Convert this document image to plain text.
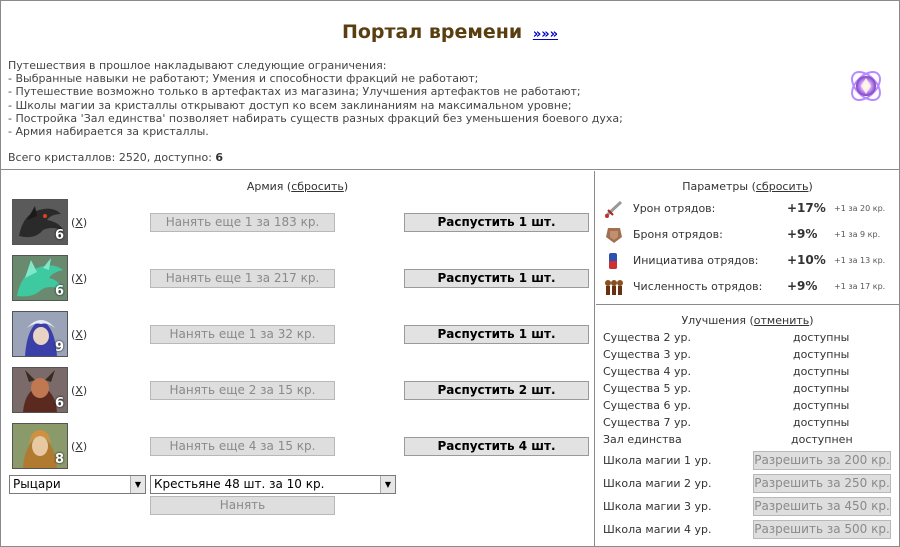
Портал времени »»»
Путешествия в прошлое накладывают следующие ограничения:
- Выбранные навыки не работают; Умения и способности фракций не работают;
- Путешествие возможно только в артефактах из магазина; Улучшения артефактов не работают;
- Школы магии за кристаллы открывают доступ ко всем заклинаниям на максимальном уровне;
- Постройка 'Зал единства' позволяет набирать существ разных фракций без уменьшения боевого духа;
- Армия набирается за кристаллы.
Всего кристаллов: 2520, доступно: 6
Армия (сбросить)
6
(X)	Нанять еще 1 за 183 кр.	Распустить 1 шт.
6
(X)	Нанять еще 1 за 217 кр.	Распустить 1 шт.
9
(X)	Нанять еще 1 за 32 кр.	Распустить 1 шт.
6
(X)	Нанять еще 2 за 15 кр.	Распустить 2 шт.
8
(X)	Нанять еще 4 за 15 кр.	Распустить 4 шт.
Рыцари	▼	Крестьяне 48 шт. за 10 кр.	▼
Нанять
Параметры (сбросить)
Урон отрядов:	+17% +1 за 20 кр.
Броня отрядов:	+9% +1 за 9 кр.
Инициатива отрядов: +10% +1 за 13 кр.
Численность отрядов: +9% +1 за 17 кр.
Улучшения (отменить)
Существа 2 ур.	доступны
Существа 3 ур.	доступны
Существа 4 ур.	доступны
Существа 5 ур.	доступны
Существа 6 ур.	доступны
Существа 7 ур.	доступны
Зал единства	доступнен
Школа магии 1 ур.	Разрешить за 200 кр.
Школа магии 2 ур.	Разрешить за 250 кр.
Школа магии 3 ур.	Разрешить за 450 кр.
Школа магии 4 ур.	Разрешить за 500 кр.
